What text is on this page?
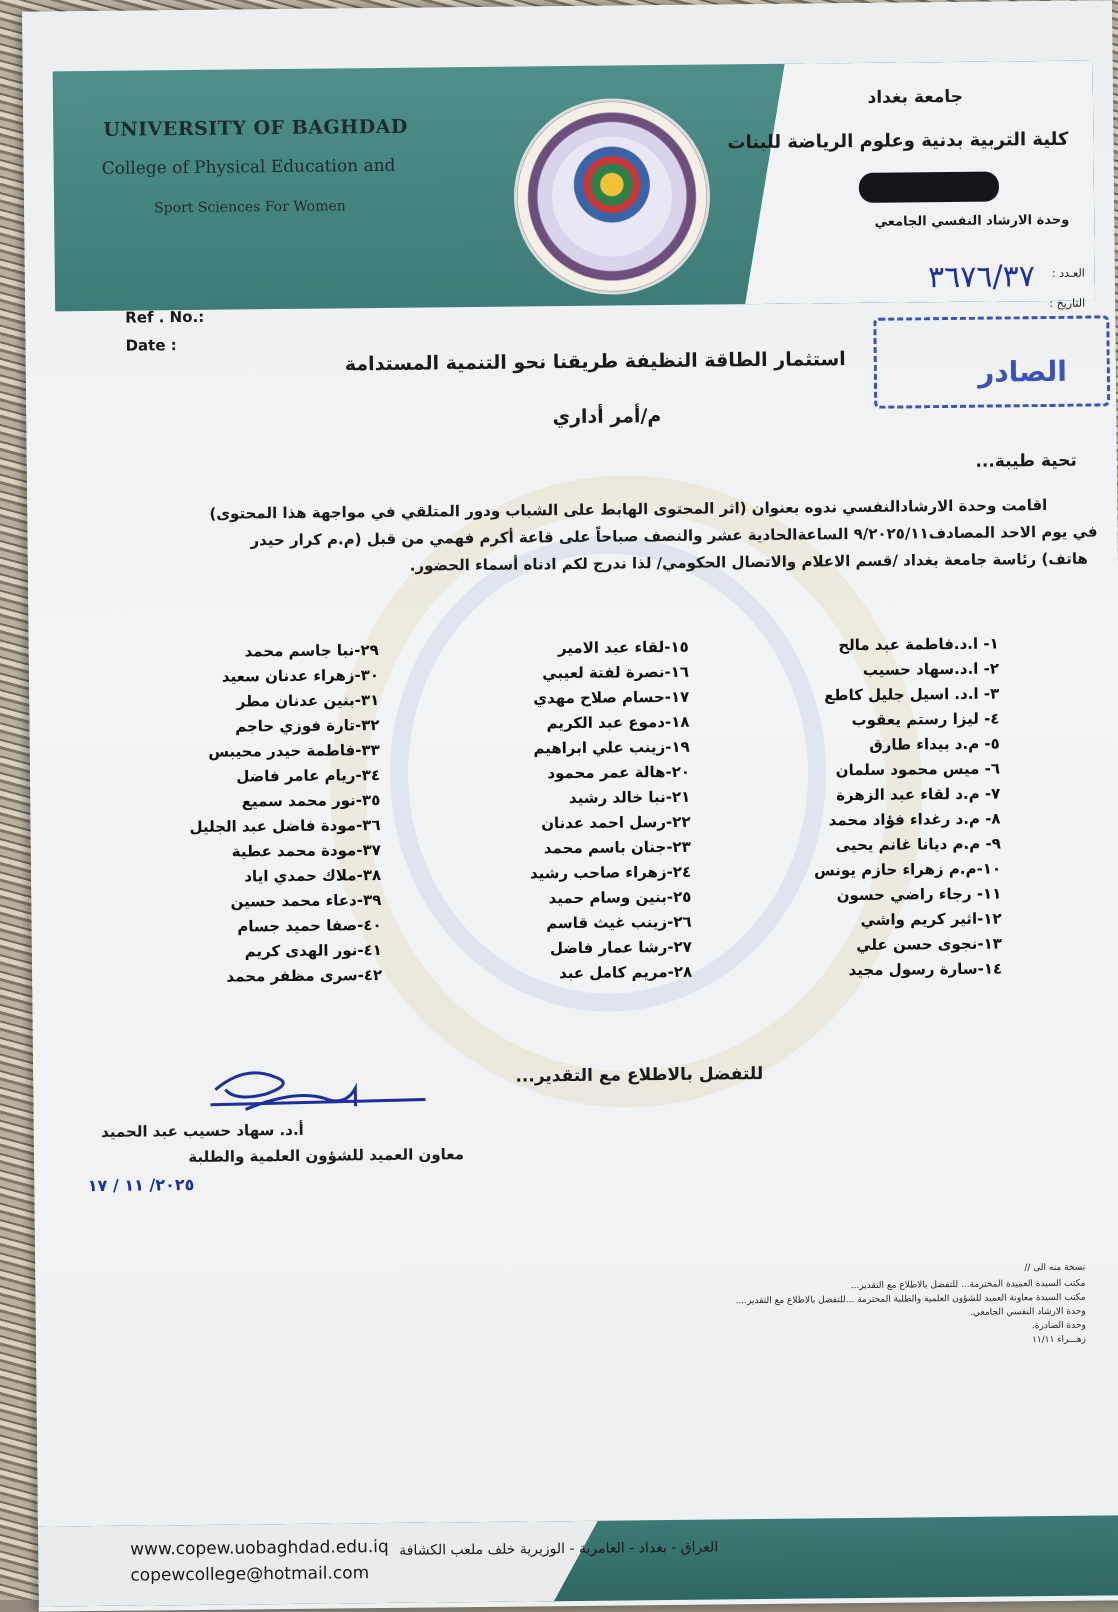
UNIVERSITY OF BAGHDAD
College of Physical Education and
Sport Sciences For Women
جامعة بغداد
كلية التربية بدنية وعلوم الرياضة للبنات
وحدة الارشاد النفسي الجامعي
العـدد :
٣٦٧٦/٣٧
التاريخ :
الصادر
Ref . No.:
Date :
استثمار الطاقة النظيفة طريقنا نحو التنمية المستدامة
م/أمر أداري
تحية طيبة...
اقامت وحدة الارشادالنفسي ندوه بعنوان (اثر المحتوى الهابط على الشباب ودور المتلقي في مواجهة هذا المحتوى)
في يوم الاحد المصادف٩/٢٠٢٥/١١ الساعةالحادية عشر والنصف صباحاً على قاعة أكرم فهمي من قبل (م.م كرار حيدر
هاتف) رئاسة جامعة بغداد /قسم الاعلام والاتصال الحكومي/ لذا ندرج لكم ادناه أسماء الحضور.
١- ا.د.فاطمة عبد مالح
٢- ا.د.سهاد حسيب
٣- ا.د. اسيل جليل كاطع
٤- ليزا رستم يعقوب
٥- م.د بيداء طارق
٦- ميس محمود سلمان
٧- م.د لقاء عبد الزهرة
٨- م.د رغداء فؤاد محمد
٩- م.م ديانا غانم يحيى
١٠-م.م زهراء حازم يونس
١١- رجاء راضي حسون
١٢-اثير كريم واشي
١٣-نجوى حسن علي
١٤-سارة رسول مجيد
١٥-لقاء عبد الامير
١٦-نصرة لفتة لعيبي
١٧-حسام صلاح مهدي
١٨-دموع عبد الكريم
١٩-زينب علي ابراهيم
٢٠-هالة عمر محمود
٢١-نبا خالد رشيد
٢٢-رسل احمد عدنان
٢٣-جنان باسم محمد
٢٤-زهراء صاحب رشيد
٢٥-بنين وسام حميد
٢٦-زينب غيث قاسم
٢٧-رشا عمار فاضل
٢٨-مريم كامل عبد
٢٩-نبا جاسم محمد
٣٠-زهراء عدنان سعيد
٣١-بنين عدنان مطر
٣٢-تارة فوزي حاجم
٣٣-فاطمة حيدر محيبس
٣٤-ريام عامر فاضل
٣٥-نور محمد سميع
٣٦-مودة فاضل عبد الجليل
٣٧-مودة محمد عطية
٣٨-ملاك حمدي اياد
٣٩-دعاء محمد حسين
٤٠-صفا حميد جسام
٤١-نور الهدى كريم
٤٢-سرى مظفر محمد
للتفضل بالاطلاع مع التقدير...
أ.د. سهاد حسيب عبد الحميد
معاون العميد للشؤون العلمية والطلبة
٢٠٢٥/ ١١ / ١٧
نسخة منه الى //
مكتب السيدة العميدة المحترمة... للتفضل بالاطلاع مع التقدير...
مكتب السيدة معاونة العميد للشؤون العلمية والطلبة المحترمة ...للتفضل بالاطلاع مع التقدير....
وحدة الارشاد النفسي الجامعي.
وحدة الصادرة.
زهـــراء ١١/١١
www.copew.uobaghdad.edu.iq
copewcollege@hotmail.com
العراق - بغداد - العامرية - الوزيرية خلف ملعب الكشافة
